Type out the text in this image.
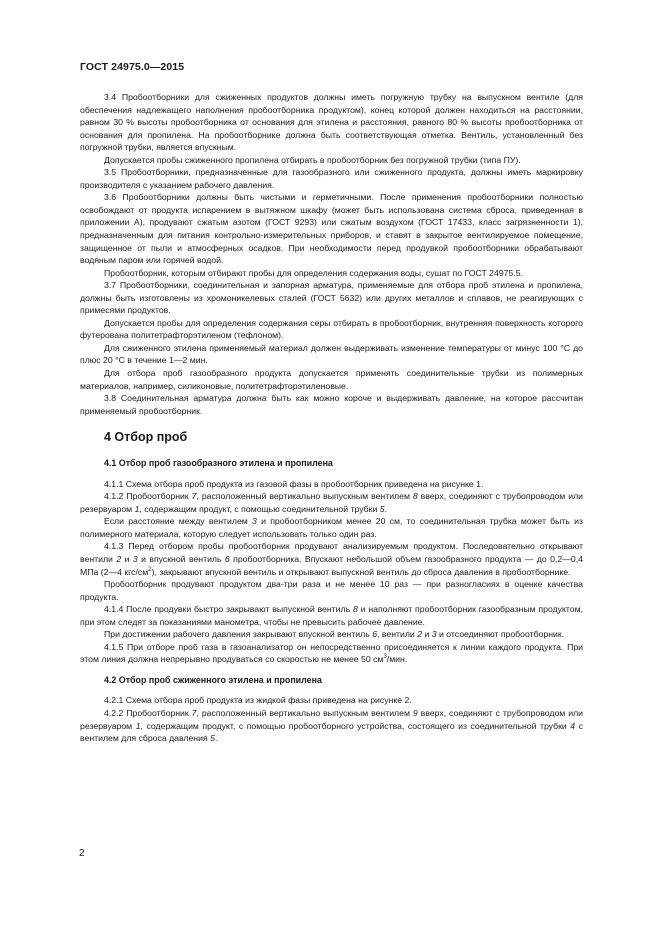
ГОСТ 24975.0—2015

3.4 Пробоотборники для сжиженных продуктов должны иметь погружную трубку на выпускном вентиле (для обеспечения надлежащего наполнения пробоотборника продуктом), конец которой должен находиться на расстоянии, равном 30 % высоты пробоотборника от основания для этилена и расстояния, равного 80 % высоты пробоотборника от основания для пропилена. На пробоотборнике должна быть соответствующая отметка. Вентиль, установленный без погружной трубки, является впускным.

Допускается пробы сжиженного пропилена отбирать в пробоотборник без погружной трубки (типа ПУ).

3.5 Пробоотборники, предназначенные для газообразного или сжиженного продукта, должны иметь маркировку производителя с указанием рабочего давления.

3.6 Пробоотборники должны быть чистыми и герметичными. После применения пробоотборники полностью освобождают от продукта испарением в вытяжном шкафу (может быть использована система сброса, приведенная в приложении А), продувают сжатым азотом (ГОСТ 9293) или сжатым воздухом (ГОСТ 17433, класс загрязненности 1), предназначенным для питания контрольно-измерительных приборов, и ставят в закрытое вентилируемое помещение, защищенное от пыли и атмосферных осадков. При необходимости перед продувкой пробоотборники обрабатывают водяным паром или горячей водой.

Пробоотборник, которым отбирают пробы для определения содержания воды, сушат по ГОСТ 24975.5.

3.7 Пробоотборники, соединительная и запорная арматура, применяемые для отбора проб этилена и пропилена, должны быть изготовлены из хромоникелевых сталей (ГОСТ 5632) или других металлов и сплавов, не реагирующих с примесями продуктов.

Допускается пробы для определения содержания серы отбирать в пробоотборник, внутренняя поверхность которого футерована политетрафторэтиленом (тефлоном).

Для сжиженного этилена применяемый материал должен выдерживать изменение температуры от минус 100 °С до плюс 20 °С в течение 1—2 мин.

Для отбора проб газообразного продукта допускается применять соединительные трубки из полимерных материалов, например, силиконовые, политетрафторэтиленовые.

3.8 Соединительная арматура должна быть как можно короче и выдерживать давление, на которое рассчитан применяемый пробоотборник.

4 Отбор проб
4.1 Отбор проб газообразного этилена и пропилена

4.1.1 Схема отбора проб продукта из газовой фазы в пробоотборник приведена на рисунке 1.

4.1.2 Пробоотборник 7, расположенный вертикально выпускным вентилем 8 вверх, соединяют с трубопроводом или резервуаром 1, содержащим продукт, с помощью соединительной трубки 5.

Если расстояние между вентилем 3 и пробоотборником менее 20 см, то соединительная трубка может быть из полимерного материала, которую следует использовать только один раз.

4.1.3 Перед отбором пробы пробоотборник продувают анализируемым продуктом. Последовательно открывают вентили 2 и 3 и впускной вентиль 6 пробоотборника. Впускают небольшой объем газообразного продукта — до 0,2—0,4 МПа (2—4 кгс/$см^2$), закрывают впускной вентиль и открывают выпускной вентиль до сброса давления в пробоотборнике.

Пробоотборник продувают продуктом два-три раза и не менее 10 раз — при разногласиях в оценке качества продукта.

4.1.4 После продувки быстро закрывают выпускной вентиль 8 и наполняют пробоотборник газообразным продуктом, при этом следят за показаниями манометра, чтобы не превысить рабочее давление.

При достижении рабочего давления закрывают впускной вентиль 6, вентили 2 и 3 и отсоединяют пробоотборник.

4.1.5 При отборе проб газа в газоанализатор он непосредственно присоединяется к линии каждого продукта. При этом линия должна непрерывно продуваться со скоростью не менее 50 $см^3$/мин.

4.2 Отбор проб сжиженного этилена и пропилена

4.2.1 Схема отбора проб продукта из жидкой фазы приведена на рисунке 2.

4.2.2 Пробоотборник 7, расположенный вертикально выпускным вентилем 9 вверх, соединяют с трубопроводом или резервуаром 1, содержащим продукт, с помощью пробоотборного устройства, состоящего из соединительной трубки 4 с вентилем для сброса давления 5.

2
